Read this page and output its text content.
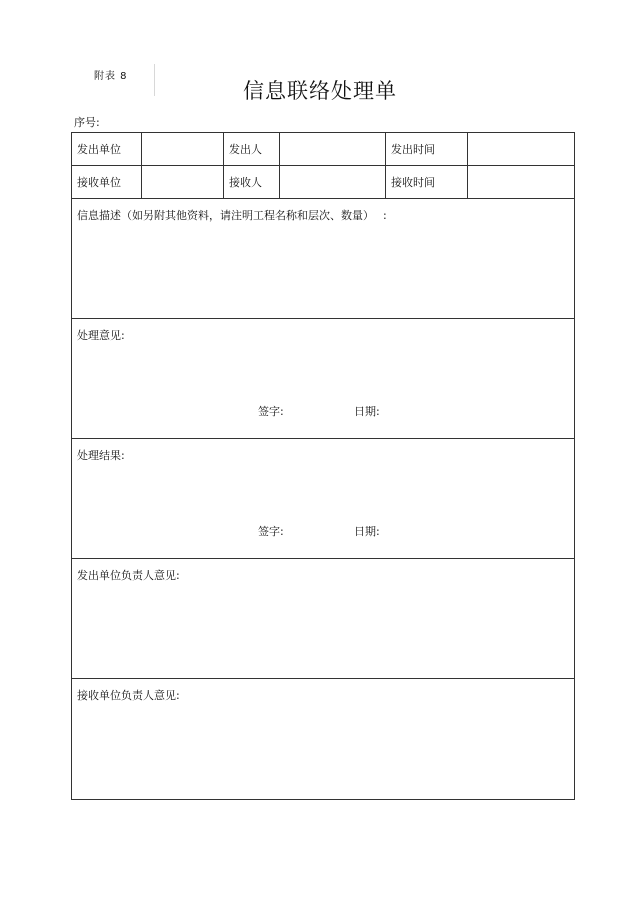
附表 8
信息联络处理单
序号:
发出单位	发出人	发出时间
接收单位	接收人	接收时间
信息描述（如另附其他资料，请注明工程名称和层次、数量）　 :
处理意见:
签字:	日期:
处理结果:
签字:	日期:
发出单位负责人意见:
接收单位负责人意见:
